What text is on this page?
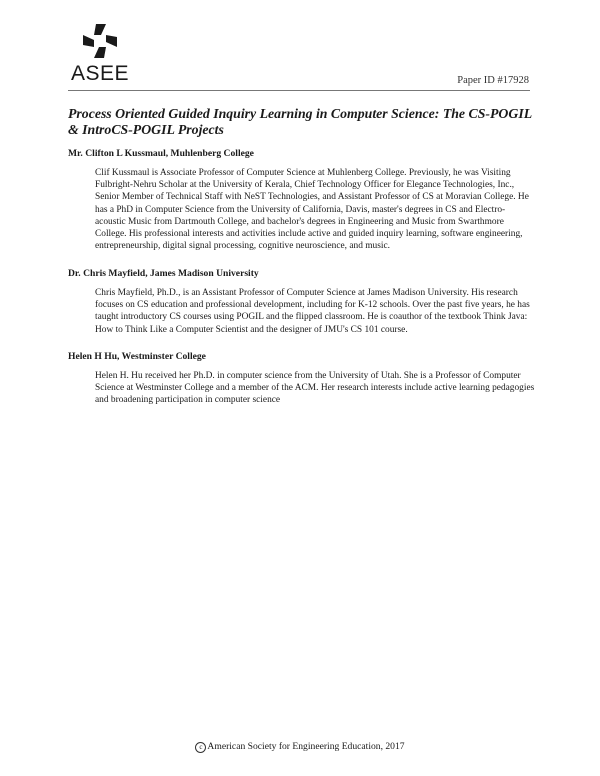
ASEE	Paper ID #17928
Process Oriented Guided Inquiry Learning in Computer Science: The CS-POGIL & IntroCS-POGIL Projects

Mr. Clifton L Kussmaul, Muhlenberg College

Clif Kussmaul is Associate Professor of Computer Science at Muhlenberg College. Previously, he was Visiting Fulbright-Nehru Scholar at the University of Kerala, Chief Technology Officer for Elegance Technologies, Inc., Senior Member of Technical Staff with NeST Technologies, and Assistant Professor of CS at Moravian College. He has a PhD in Computer Science from the University of California, Davis, master's degrees in CS and Electro-acoustic Music from Dartmouth College, and bachelor's degrees in Engineering and Music from Swarthmore College. His professional interests and activities include active and guided inquiry learning, software engineering, entrepreneurship, digital signal processing, cognitive neuroscience, and music.

Dr. Chris Mayfield, James Madison University

Chris Mayfield, Ph.D., is an Assistant Professor of Computer Science at James Madison University. His research focuses on CS education and professional development, including for K-12 schools. Over the past five years, he has taught introductory CS courses using POGIL and the flipped classroom. He is coauthor of the textbook Think Java: How to Think Like a Computer Scientist and the designer of JMU's CS 101 course.

Helen H Hu, Westminster College

Helen H. Hu received her Ph.D. in computer science from the University of Utah. She is a Professor of Computer Science at Westminster College and a member of the ACM. Her research interests include active learning pedagogies and broadening participation in computer science

c American Society for Engineering Education, 2017
